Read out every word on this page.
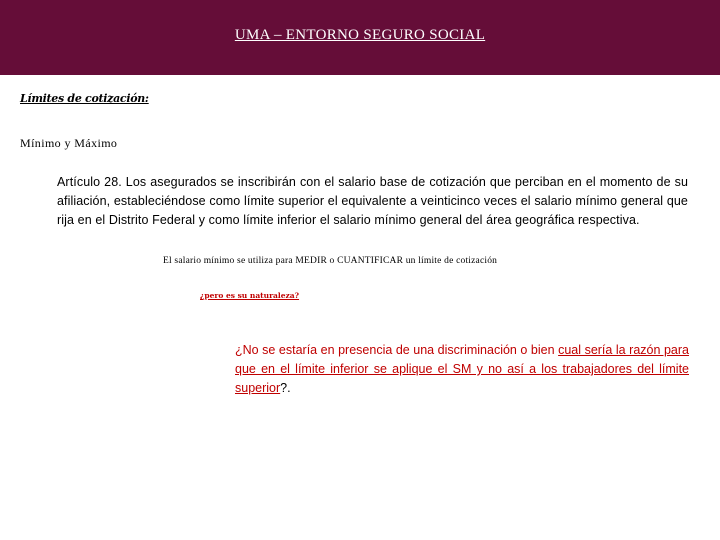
UMA – ENTORNO SEGURO SOCIAL
Límites de cotización:
Mínimo y Máximo
Artículo 28. Los asegurados se inscribirán con el salario base de cotización que perciban en el momento de su afiliación, estableciéndose como límite superior el equivalente a veinticinco veces el salario mínimo general que rija en el Distrito Federal y como límite inferior el salario mínimo general del área geográfica respectiva.
El salario mínimo se utiliza para MEDIR o CUANTIFICAR un límite de cotización
¿pero es su naturaleza?
¿No se estaría en presencia de una discriminación o bien cual sería la razón para que en el límite inferior se aplique el SM y no así a los trabajadores del límite superior?.
